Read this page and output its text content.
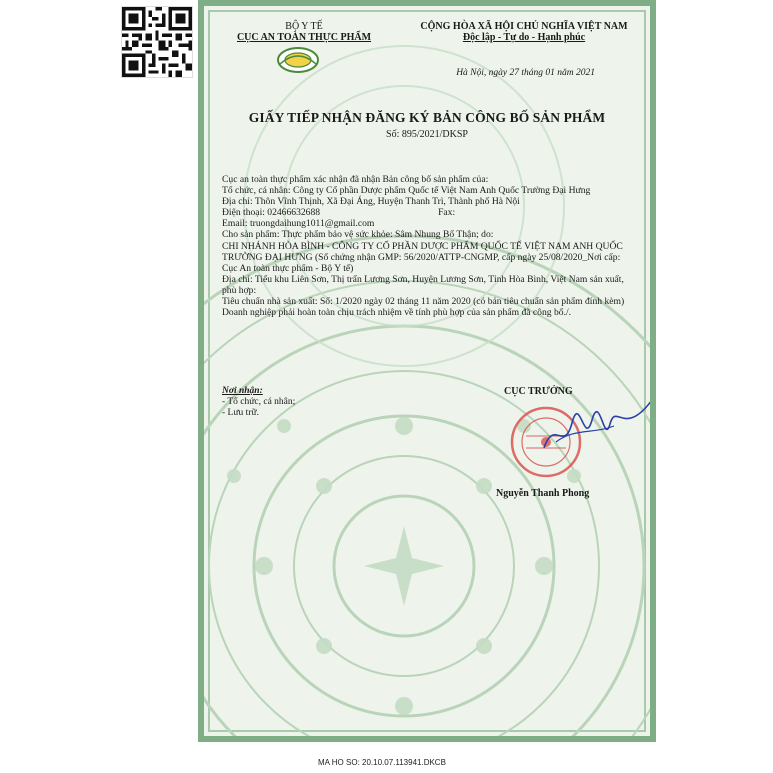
BỘ Y TẾ
CỤC AN TOÀN THỰC PHẨM
CỘNG HÒA XÃ HỘI CHỦ NGHĨA VIỆT NAM
Độc lập - Tự do - Hạnh phúc
Hà Nội, ngày 27 tháng 01 năm 2021
GIẤY TIẾP NHẬN ĐĂNG KÝ BẢN CÔNG BỐ SẢN PHẨM
Số: 895/2021/DKSP

Cục an toàn thực phẩm xác nhận đã nhận Bản công bố sản phẩm của:

Tổ chức, cá nhân: Công ty Cổ phần Dược phẩm Quốc tế Việt Nam Anh Quốc Trường Đại Hưng

Địa chỉ: Thôn Vĩnh Thịnh, Xã Đại Áng, Huyện Thanh Trì, Thành phố Hà Nội

Điện thoại: 02466632688	Fax:

Email: truongdaihung1011@gmail.com

Cho sản phẩm: Thực phẩm bảo vệ sức khỏe: Sâm Nhung Bổ Thận; do:

CHI NHÁNH HÒA BÌNH - CÔNG TY CỔ PHẦN DƯỢC PHẨM QUỐC TẾ VIỆT NAM ANH QUỐC TRƯỜNG ĐẠI HƯNG (Số chứng nhận GMP: 56/2020/ATTP-CNGMP, cấp ngày 25/08/2020_Nơi cấp: Cục An toàn thực phẩm - Bộ Y tế)

Địa chỉ: Tiểu khu Liên Sơn, Thị trấn Lương Sơn, Huyện Lương Sơn, Tỉnh Hòa Bình, Việt Nam sản xuất, phù hợp:

Tiêu chuẩn nhà sản xuất: Số: 1/2020 ngày 02 tháng 11 năm 2020 (có bản tiêu chuẩn sản phẩm đính kèm)

Doanh nghiệp phải hoàn toàn chịu trách nhiệm về tính phù hợp của sản phẩm đã công bố./.

Nơi nhận:
- Tổ chức, cá nhân;
- Lưu trữ.
CỤC TRƯỞNG
Nguyễn Thanh Phong
MA HO SO: 20.10.07.113941.DKCB
